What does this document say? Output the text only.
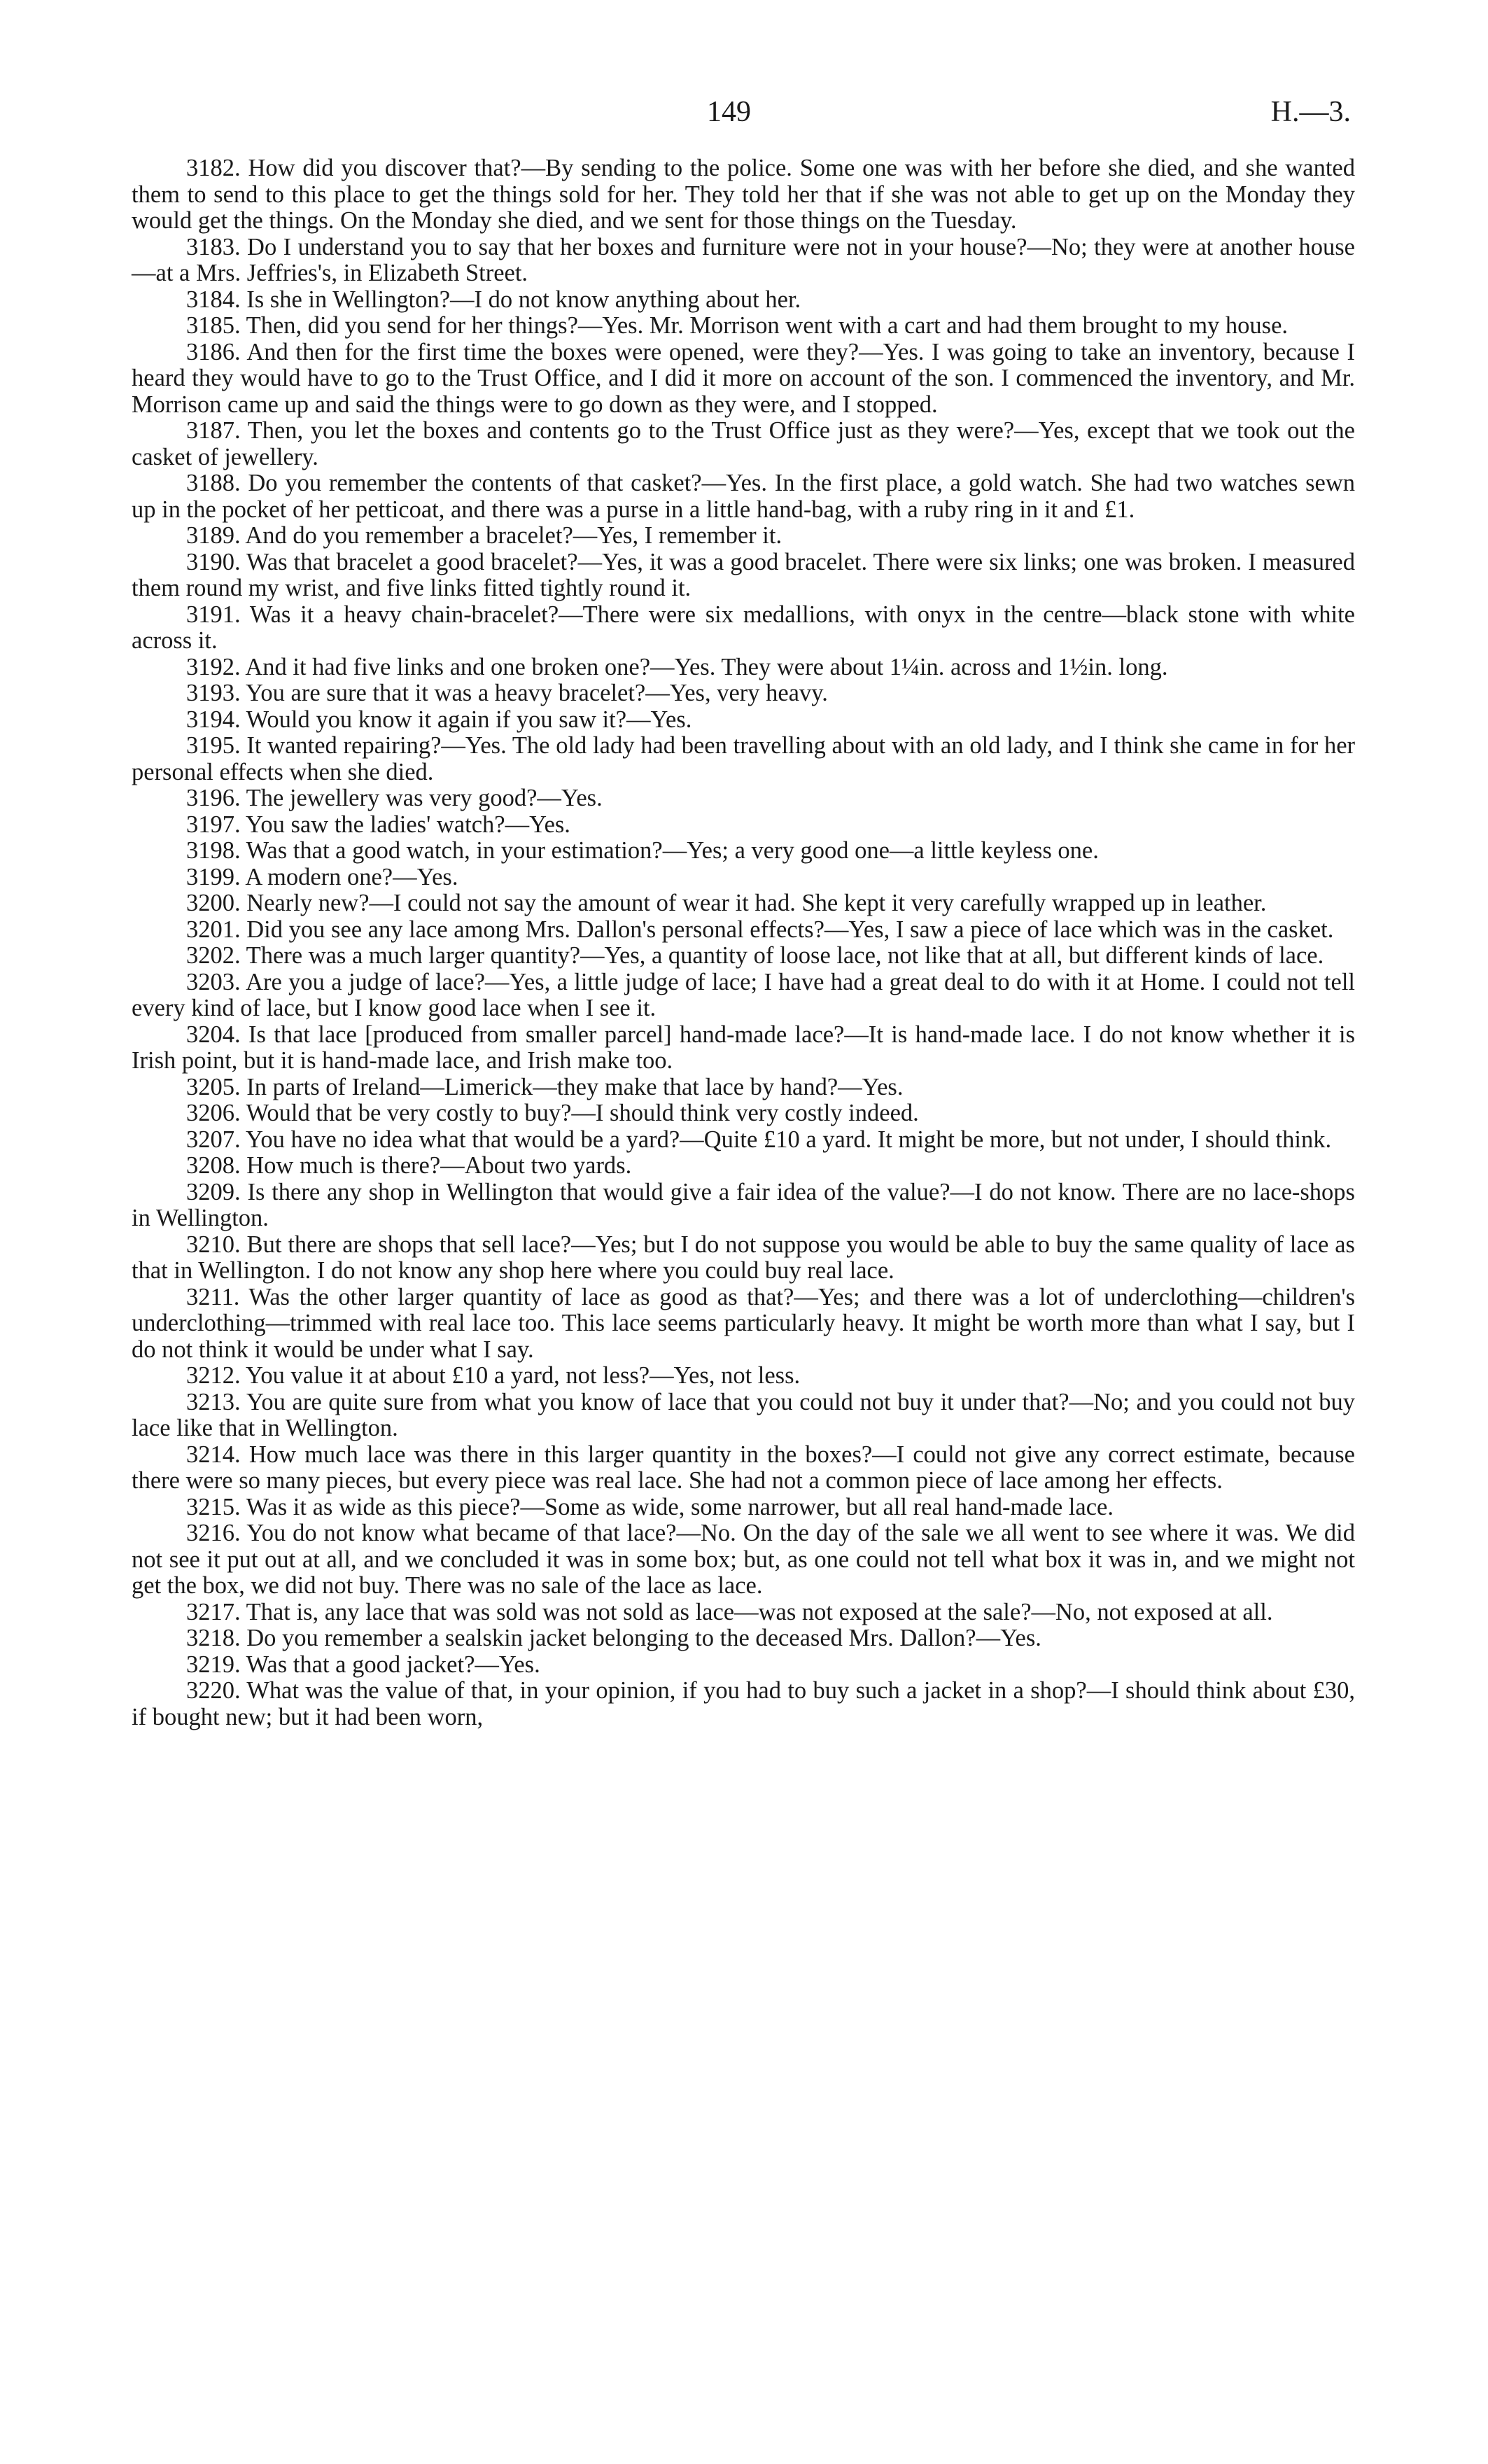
149	H.—3.

3182. How did you discover that?—By sending to the police. Some one was with her before she died, and she wanted them to send to this place to get the things sold for her. They told her that if she was not able to get up on the Monday they would get the things. On the Monday she died, and we sent for those things on the Tuesday.

3183. Do I understand you to say that her boxes and furniture were not in your house?—No; they were at another house—at a Mrs. Jeffries's, in Elizabeth Street.

3184. Is she in Wellington?—I do not know anything about her.

3185. Then, did you send for her things?—Yes. Mr. Morrison went with a cart and had them brought to my house.

3186. And then for the first time the boxes were opened, were they?—Yes. I was going to take an inventory, because I heard they would have to go to the Trust Office, and I did it more on account of the son. I commenced the inventory, and Mr. Morrison came up and said the things were to go down as they were, and I stopped.

3187. Then, you let the boxes and contents go to the Trust Office just as they were?—Yes, except that we took out the casket of jewellery.

3188. Do you remember the contents of that casket?—Yes. In the first place, a gold watch. She had two watches sewn up in the pocket of her petticoat, and there was a purse in a little hand-bag, with a ruby ring in it and £1.

3189. And do you remember a bracelet?—Yes, I remember it.

3190. Was that bracelet a good bracelet?—Yes, it was a good bracelet. There were six links; one was broken. I measured them round my wrist, and five links fitted tightly round it.

3191. Was it a heavy chain-bracelet?—There were six medallions, with onyx in the centre—black stone with white across it.

3192. And it had five links and one broken one?—Yes. They were about 1¼in. across and 1½in. long.

3193. You are sure that it was a heavy bracelet?—Yes, very heavy.

3194. Would you know it again if you saw it?—Yes.

3195. It wanted repairing?—Yes. The old lady had been travelling about with an old lady, and I think she came in for her personal effects when she died.

3196. The jewellery was very good?—Yes.

3197. You saw the ladies' watch?—Yes.

3198. Was that a good watch, in your estimation?—Yes; a very good one—a little keyless one.

3199. A modern one?—Yes.

3200. Nearly new?—I could not say the amount of wear it had. She kept it very carefully wrapped up in leather.

3201. Did you see any lace among Mrs. Dallon's personal effects?—Yes, I saw a piece of lace which was in the casket.

3202. There was a much larger quantity?—Yes, a quantity of loose lace, not like that at all, but different kinds of lace.

3203. Are you a judge of lace?—Yes, a little judge of lace; I have had a great deal to do with it at Home. I could not tell every kind of lace, but I know good lace when I see it.

3204. Is that lace [produced from smaller parcel] hand-made lace?—It is hand-made lace. I do not know whether it is Irish point, but it is hand-made lace, and Irish make too.

3205. In parts of Ireland—Limerick—they make that lace by hand?—Yes.

3206. Would that be very costly to buy?—I should think very costly indeed.

3207. You have no idea what that would be a yard?—Quite £10 a yard. It might be more, but not under, I should think.

3208. How much is there?—About two yards.

3209. Is there any shop in Wellington that would give a fair idea of the value?—I do not know. There are no lace-shops in Wellington.

3210. But there are shops that sell lace?—Yes; but I do not suppose you would be able to buy the same quality of lace as that in Wellington. I do not know any shop here where you could buy real lace.

3211. Was the other larger quantity of lace as good as that?—Yes; and there was a lot of underclothing—children's underclothing—trimmed with real lace too. This lace seems particularly heavy. It might be worth more than what I say, but I do not think it would be under what I say.

3212. You value it at about £10 a yard, not less?—Yes, not less.

3213. You are quite sure from what you know of lace that you could not buy it under that?—No; and you could not buy lace like that in Wellington.

3214. How much lace was there in this larger quantity in the boxes?—I could not give any correct estimate, because there were so many pieces, but every piece was real lace. She had not a common piece of lace among her effects.

3215. Was it as wide as this piece?—Some as wide, some narrower, but all real hand-made lace.

3216. You do not know what became of that lace?—No. On the day of the sale we all went to see where it was. We did not see it put out at all, and we concluded it was in some box; but, as one could not tell what box it was in, and we might not get the box, we did not buy. There was no sale of the lace as lace.

3217. That is, any lace that was sold was not sold as lace—was not exposed at the sale?—No, not exposed at all.

3218. Do you remember a sealskin jacket belonging to the deceased Mrs. Dallon?—Yes.

3219. Was that a good jacket?—Yes.

3220. What was the value of that, in your opinion, if you had to buy such a jacket in a shop?—I should think about £30, if bought new; but it had been worn,
